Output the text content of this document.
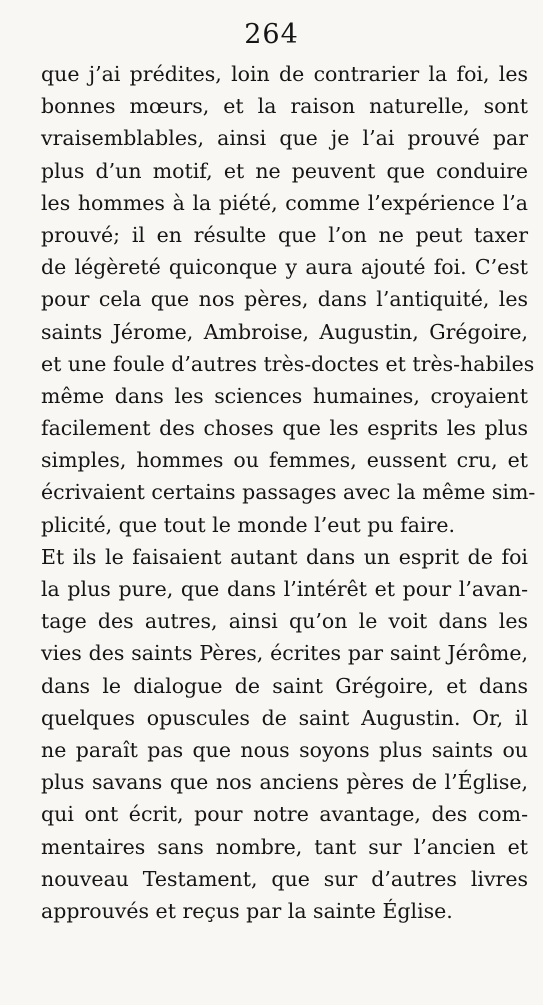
264
que j’ai prédites, loin de contrarier la foi, les
bonnes mœurs, et la raison naturelle, sont
vraisemblables, ainsi que je l’ai prouvé par
plus d’un motif, et ne peuvent que conduire
les hommes à la piété, comme l’expérience l’a
prouvé; il en résulte que l’on ne peut taxer
de légèreté quiconque y aura ajouté foi. C’est
pour cela que nos pères, dans l’antiquité, les
saints Jérome, Ambroise, Augustin, Grégoire,
et une foule d’autres très-doctes et très-habiles
même dans les sciences humaines, croyaient
facilement des choses que les esprits les plus
simples, hommes ou femmes, eussent cru, et
écrivaient certains passages avec la même sim-
plicité, que tout le monde l’eut pu faire.
Et ils le faisaient autant dans un esprit de foi
la plus pure, que dans l’intérêt et pour l’avan-
tage des autres, ainsi qu’on le voit dans les
vies des saints Pères, écrites par saint Jérôme,
dans le dialogue de saint Grégoire, et dans
quelques opuscules de saint Augustin. Or, il
ne paraît pas que nous soyons plus saints ou
plus savans que nos anciens pères de l’Église,
qui ont écrit, pour notre avantage, des com-
mentaires sans nombre, tant sur l’ancien et
nouveau Testament, que sur d’autres livres
approuvés et reçus par la sainte Église.
